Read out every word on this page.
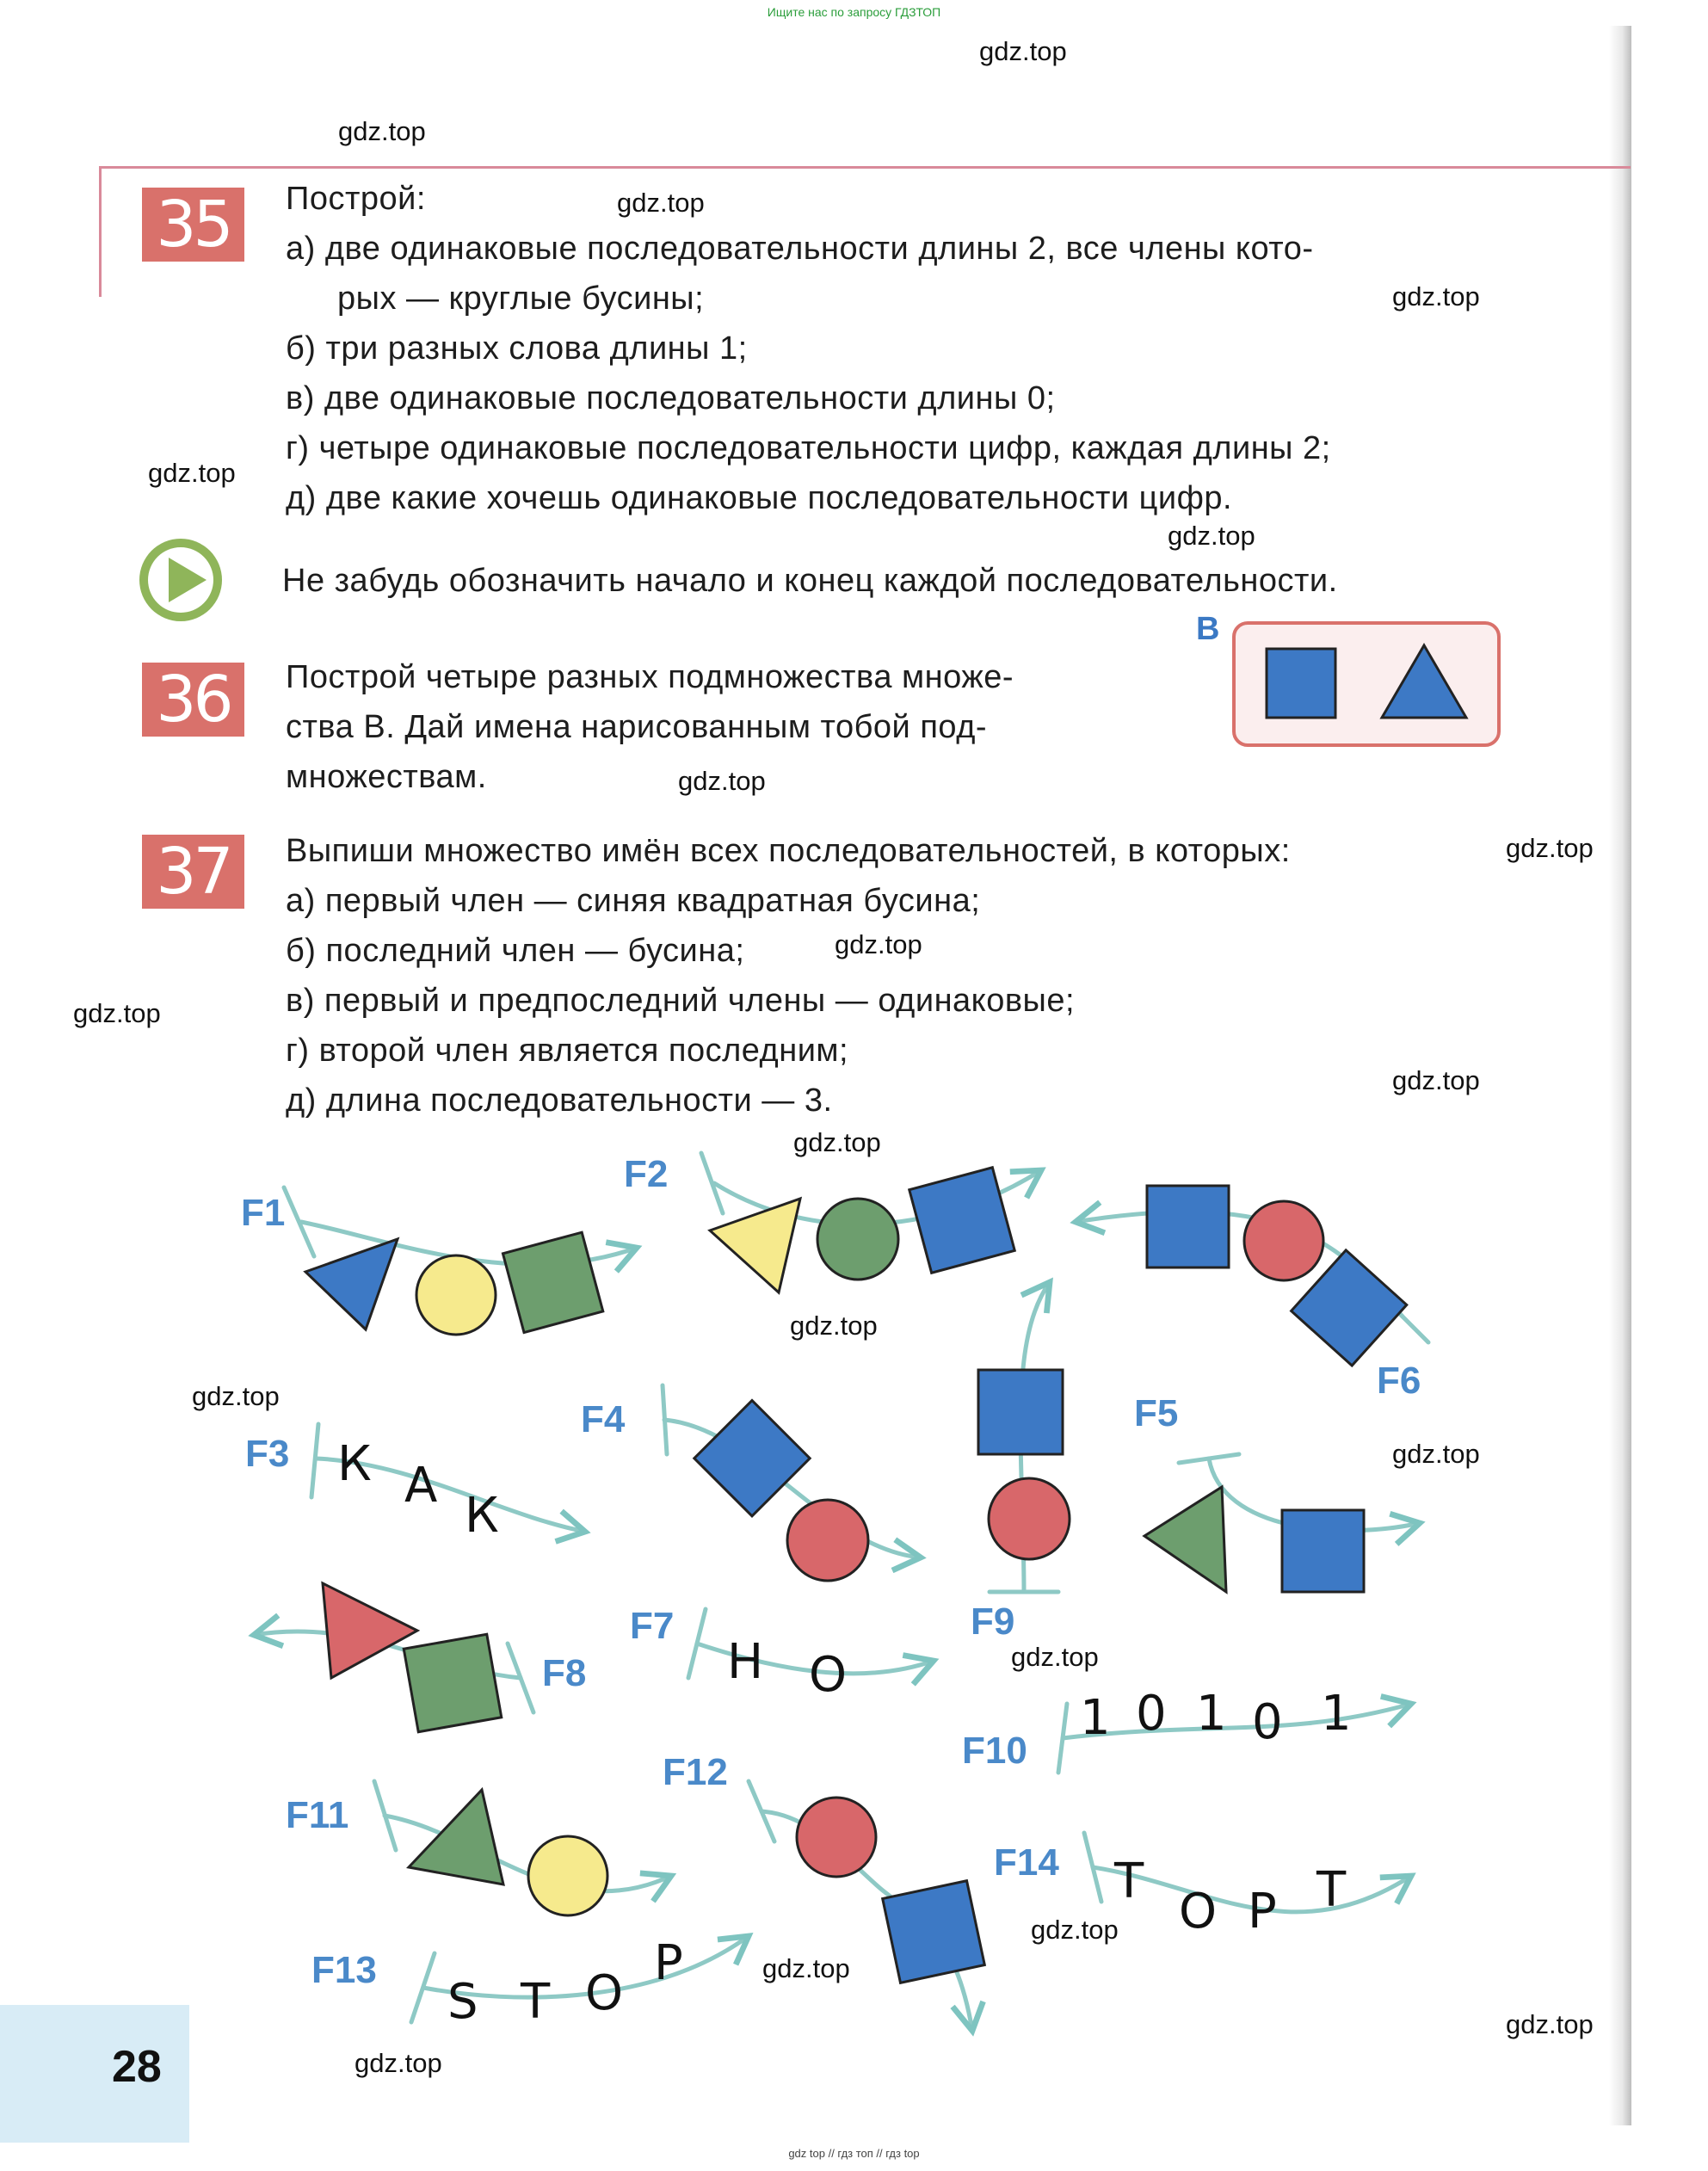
Ищите нас по запросу ГДЗТОП
gdz top // гдз топ // гдз top
35	Построй:
а) две одинаковые последовательности длины 2, все члены кото-
рых — круглые бусины;
б) три разных слова длины 1;
в) две одинаковые последовательности длины 0;
г) четыре одинаковые последовательности цифр, каждая длины 2;
д) две какие хочешь одинаковые последовательности цифр.
Не забудь обозначить начало и конец каждой последовательности.
36	Построй четыре разных подмножества множе-
ства В. Дай имена нарисованным тобой под-
множествам.
B
37	Выпиши множество имён всех последовательностей, в которых:
а) первый член — синяя квадратная бусина;
б) последний член — бусина;
в) первый и предпоследний члены — одинаковые;
г) второй член является последним;
д) длина последовательности — 3.
К А
К
Н О
1 0 1 0 1
S T O
P
T
O P T
F1
F2
F3
F4	F5
F6
F7
F8
F9
F10
F11
F12
F13
F14
28
gdz.top
gdz.top
gdz.top
gdz.top
gdz.top
gdz.top
gdz.top
gdz.top
gdz.top
gdz.top
gdz.top
gdz.top
gdz.top
gdz.top
gdz.top
gdz.top
gdz.top
gdz.top
gdz.top
gdz.top
